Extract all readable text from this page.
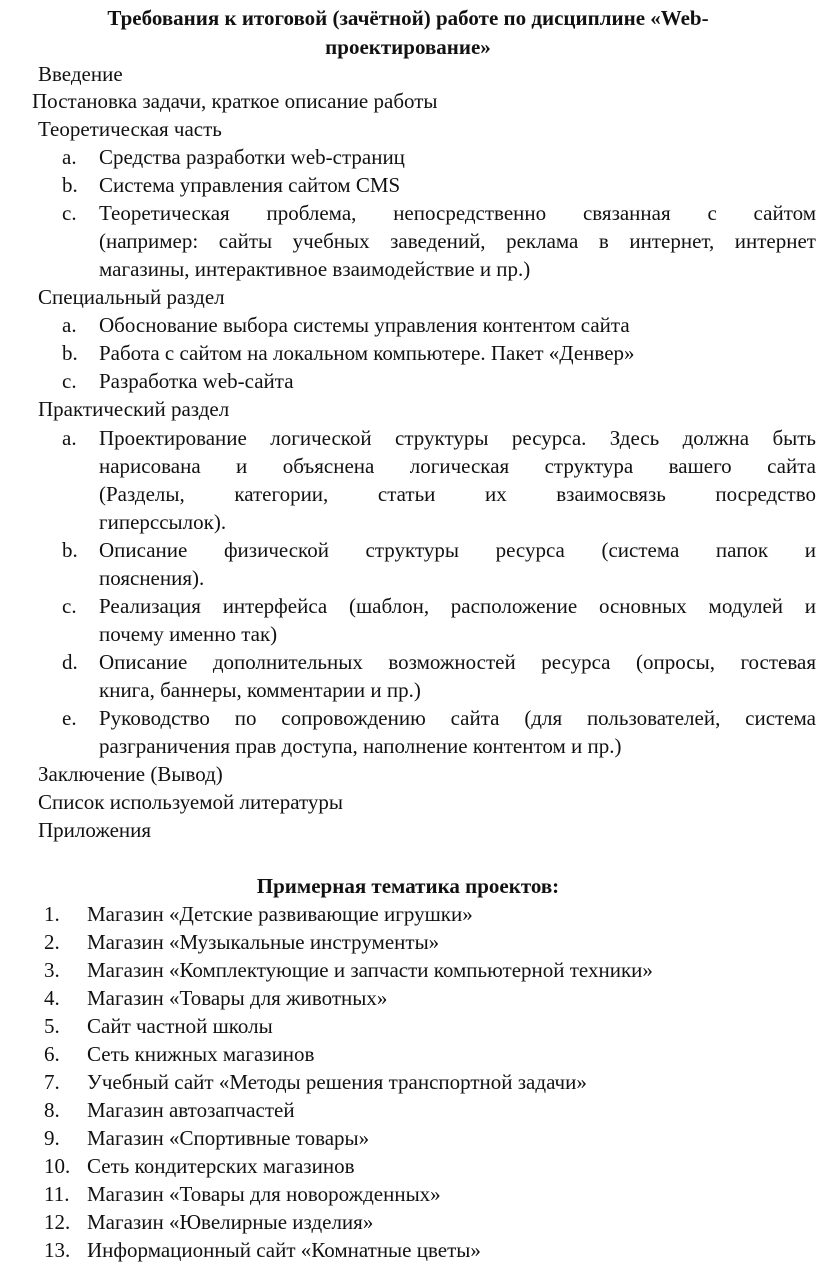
Требования к итоговой (зачётной) работе по дисциплине «Web-
проектирование»
Введение
Постановка задачи, краткое описание работы
Теоретическая часть
a. Средства разработки web-страниц
b. Система управления сайтом CMS
c. Теоретическая проблема, непосредственно связанная с сайтом
(например: сайты учебных заведений, реклама в интернет, интернет
магазины, интерактивное взаимодействие и пр.)
Специальный раздел
a. Обоснование выбора системы управления контентом сайта
b. Работа с сайтом на локальном компьютере. Пакет «Денвер»
c. Разработка web-сайта
Практический раздел
a. Проектирование логической структуры ресурса. Здесь должна быть
нарисована и объяснена логическая структура вашего сайта
(Разделы, категории, статьи их взаимосвязь посредство
гиперссылок).
b. Описание физической структуры ресурса (система папок и
пояснения).
c. Реализация интерфейса (шаблон, расположение основных модулей и
почему именно так)
d. Описание дополнительных возможностей ресурса (опросы, гостевая
книга, баннеры, комментарии и пр.)
e. Руководство по сопровождению сайта (для пользователей, система
разграничения прав доступа, наполнение контентом и пр.)
Заключение (Вывод)
Список используемой литературы
Приложения
Примерная тематика проектов:
1. Магазин «Детские развивающие игрушки»
2. Магазин «Музыкальные инструменты»
3. Магазин «Комплектующие и запчасти компьютерной техники»
4. Магазин «Товары для животных»
5. Сайт частной школы
6. Сеть книжных магазинов
7. Учебный сайт «Методы решения транспортной задачи»
8. Магазин автозапчастей
9. Магазин «Спортивные товары»
10. Сеть кондитерских магазинов
11. Магазин «Товары для новорожденных»
12. Магазин «Ювелирные изделия»
13. Информационный сайт «Комнатные цветы»
